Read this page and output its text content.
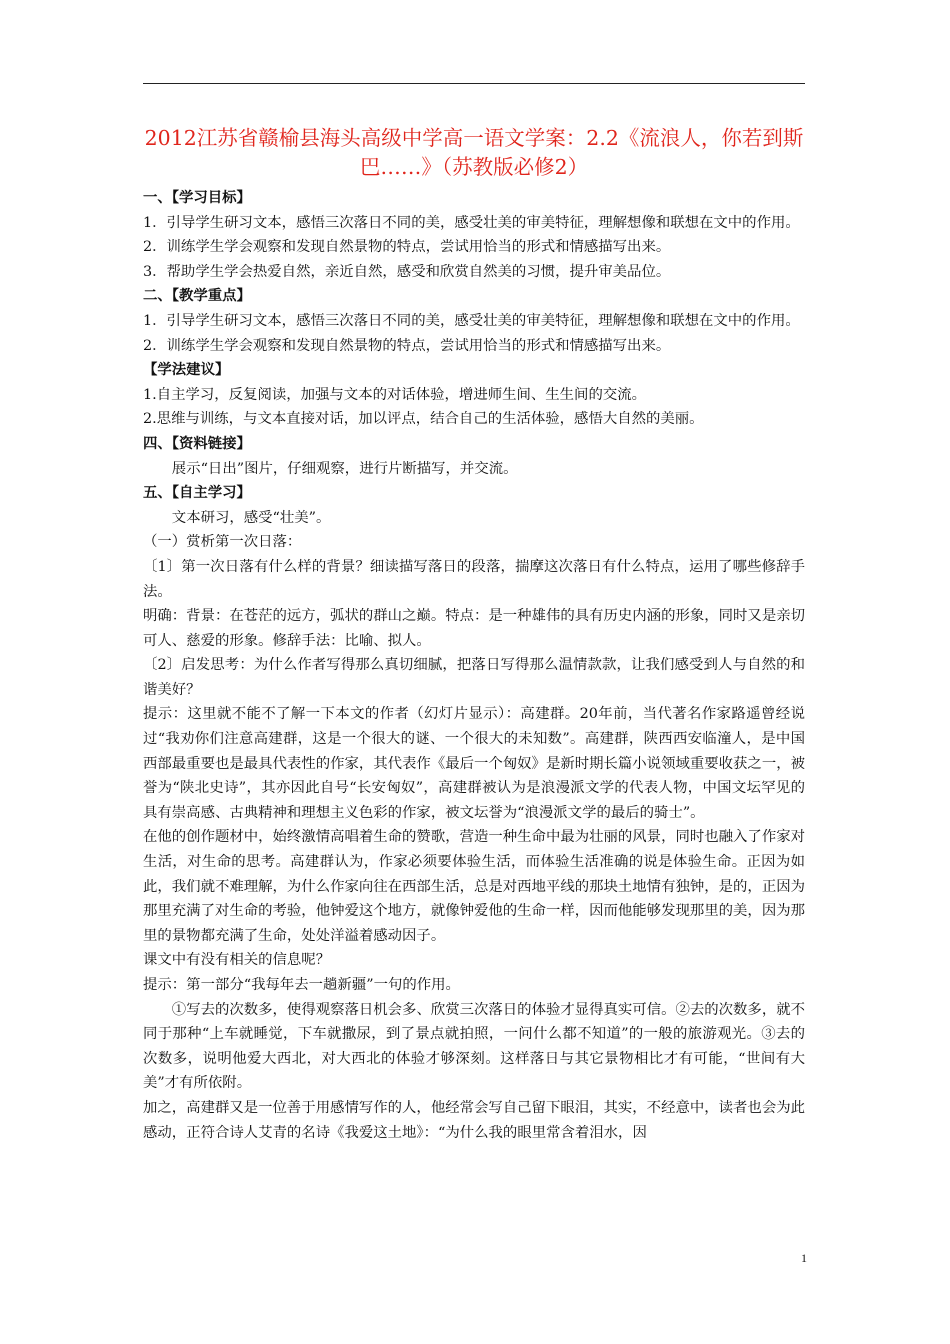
2012江苏省赣榆县海头高级中学高一语文学案：2.2《流浪人，你若到斯巴……》（苏教版必修2）

一、【学习目标】

1．引导学生研习文本，感悟三次落日不同的美，感受壮美的审美特征，理解想像和联想在文中的作用。

2．训练学生学会观察和发现自然景物的特点，尝试用恰当的形式和情感描写出来。

3．帮助学生学会热爱自然，亲近自然，感受和欣赏自然美的习惯，提升审美品位。

二、【教学重点】

1．引导学生研习文本，感悟三次落日不同的美，感受壮美的审美特征，理解想像和联想在文中的作用。

2．训练学生学会观察和发现自然景物的特点，尝试用恰当的形式和情感描写出来。

【学法建议】

1.自主学习，反复阅读，加强与文本的对话体验，增进师生间、生生间的交流。

2.思维与训练，与文本直接对话，加以评点，结合自己的生活体验，感悟大自然的美丽。

四、【资料链接】

展示“日出”图片，仔细观察，进行片断描写，并交流。

五、【自主学习】

文本研习，感受“壮美”。

（一）赏析第一次日落：

〔1〕第一次日落有什么样的背景？细读描写落日的段落，揣摩这次落日有什么特点，运用了哪些修辞手法。

明确：背景：在苍茫的远方，弧状的群山之巅。特点：是一种雄伟的具有历史内涵的形象，同时又是亲切可人、慈爱的形象。修辞手法：比喻、拟人。

〔2〕启发思考：为什么作者写得那么真切细腻，把落日写得那么温情款款，让我们感受到人与自然的和谐美好？

提示：这里就不能不了解一下本文的作者（幻灯片显示）：高建群。20年前，当代著名作家路遥曾经说过“我劝你们注意高建群，这是一个很大的谜、一个很大的未知数”。高建群，陕西西安临潼人，是中国西部最重要也是最具代表性的作家，其代表作《最后一个匈奴》是新时期长篇小说领域重要收获之一，被誉为“陕北史诗”，其亦因此自号“长安匈奴”，高建群被认为是浪漫派文学的代表人物，中国文坛罕见的具有崇高感、古典精神和理想主义色彩的作家，被文坛誉为“浪漫派文学的最后的骑士”。

在他的创作题材中，始终激情高唱着生命的赞歌，营造一种生命中最为壮丽的风景，同时也融入了作家对生活，对生命的思考。高建群认为，作家必须要体验生活，而体验生活准确的说是体验生命。正因为如此，我们就不难理解，为什么作家向往在西部生活，总是对西地平线的那块土地情有独钟，是的，正因为那里充满了对生命的考验，他钟爱这个地方，就像钟爱他的生命一样，因而他能够发现那里的美，因为那里的景物都充满了生命，处处洋溢着感动因子。

课文中有没有相关的信息呢？

提示：第一部分“我每年去一趟新疆”一句的作用。

①写去的次数多，使得观察落日机会多、欣赏三次落日的体验才显得真实可信。②去的次数多，就不同于那种“上车就睡觉，下车就撒尿，到了景点就拍照，一问什么都不知道”的一般的旅游观光。③去的次数多，说明他爱大西北，对大西北的体验才够深刻。这样落日与其它景物相比才有可能，“世间有大美”才有所依附。

加之，高建群又是一位善于用感情写作的人，他经常会写自己留下眼泪，其实，不经意中，读者也会为此感动，正符合诗人艾青的名诗《我爱这土地》：“为什么我的眼里常含着泪水，因

1
